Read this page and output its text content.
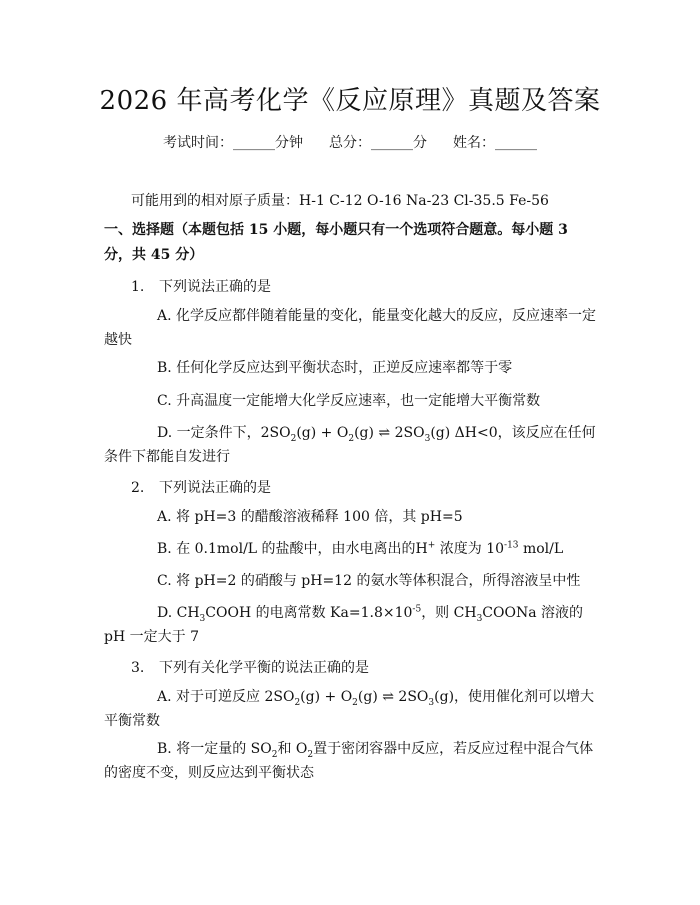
2026 年高考化学《反应原理》真题及答案
考试时间：______分钟 总分：______分 姓名：______
可能用到的相对原子质量：H-1 C-12 O-16 Na-23 Cl-35.5 Fe-56
一、选择题（本题包括 15 小题，每小题只有一个选项符合题意。每小题 3 分，共 45 分）
1. 下列说法正确的是
A. 化学反应都伴随着能量的变化，能量变化越大的反应，反应速率一定越快
B. 任何化学反应达到平衡状态时，正逆反应速率都等于零
C. 升高温度一定能增大化学反应速率，也一定能增大平衡常数
D. 一定条件下，$2SO_2(g) + O_2(g)$ ⇌ $2SO_3(g)$ ΔH<0，该反应在任何条件下都能自发进行
2. 下列说法正确的是
A. 将 pH=3 的醋酸溶液稀释 100 倍，其 pH=5
B. 在 0.1mol/L 的盐酸中，由水电离出的H+ 浓度为 $10^{-13}$ mol/L
C. 将 pH=2 的硝酸与 pH=12 的氨水等体积混合，所得溶液呈中性
D. $CH_3COOH$ 的电离常数 $Ka=1.8\times 10^{-5}$，则 $CH_3COONa$ 溶液的 pH 一定大于 7
3. 下列有关化学平衡的说法正确的是
A. 对于可逆反应 $2SO_2(g) + O_2(g)$ ⇌ $2SO_3(g)$，使用催化剂可以增大平衡常数
B. 将一定量的 $SO_2$和 $O_2$置于密闭容器中反应，若反应过程中混合气体的密度不变，则反应达到平衡状态
